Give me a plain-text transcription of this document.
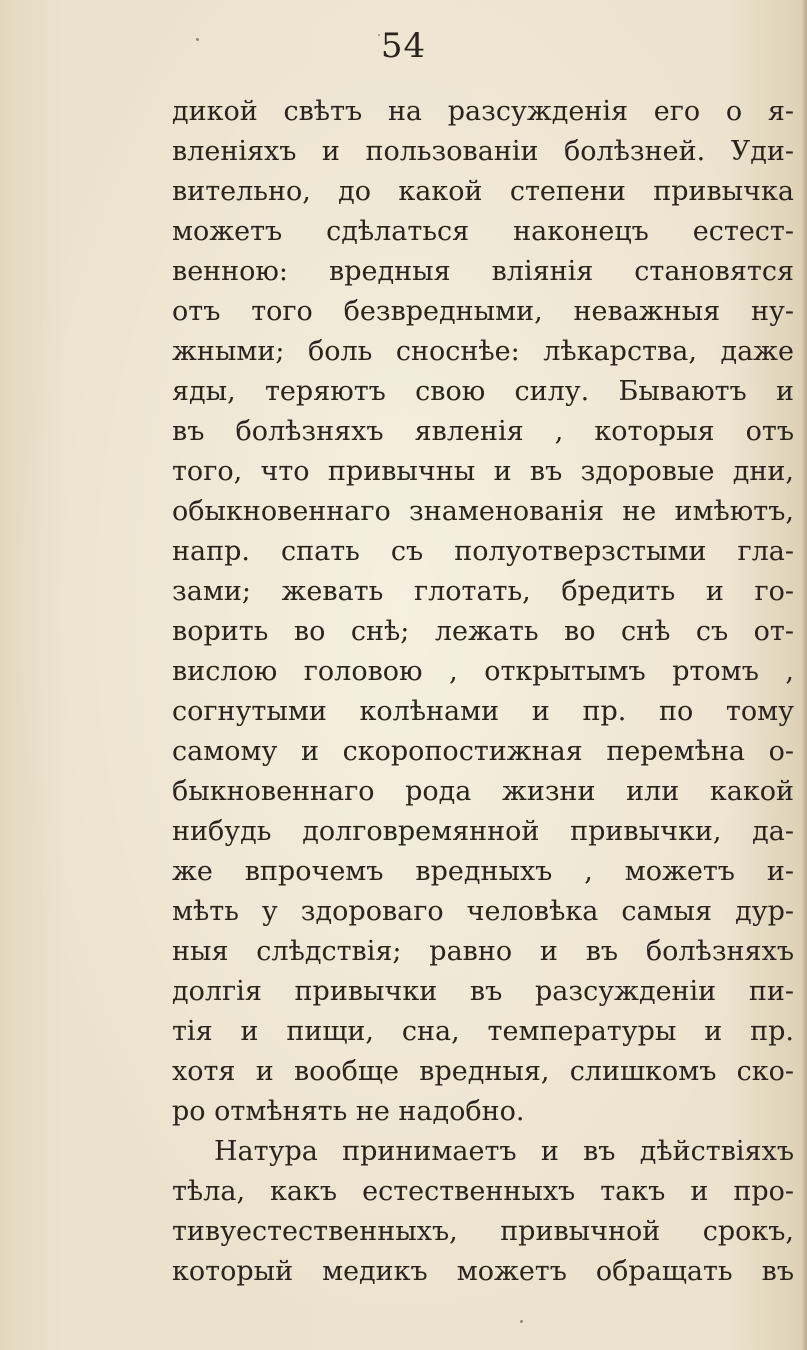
54
дикой свѣтъ на разсужденія его о я-
вленіяхъ и пользованіи болѣзней. Уди-
вительно, до какой степени привычка
можетъ сдѣлаться наконецъ естест-
венною: вредныя влiянія становятся
отъ того безвредными, неважныя ну-
жными; боль сноснѣе: лѣкарства, даже
яды, теряютъ свою силу. Бываютъ и
въ болѣзняхъ явленія , которыя отъ
того, что привычны и въ здоровые дни,
обыкновеннаго знаменованія не имѣютъ,
напр. спать съ полуотверзстыми гла-
зами; жевать глотать, бредить и го-
ворить во снѣ; лежать во снѣ съ от-
вислою головою , открытымъ ртомъ ,
согнутыми колѣнами и пр. по тому
самому и скоропостижная перемѣна о-
быкновеннаго рода жизни или какой
нибудь долговремянной привычки, да-
же впрочемъ вредныхъ , можетъ и-
мѣть у здороваго человѣка самыя дур-
ныя слѣдствія; равно и въ болѣзняхъ
долгія привычки въ разсужденіи пи-
тія и пищи, сна, температуры и пр.
хотя и вообще вредныя, слишкомъ ско-
ро отмѣнять не надобно.
Натура принимаетъ и въ дѣйствіяхъ
тѣла, какъ естественныхъ такъ и про-
тивуестественныхъ, привычной срокъ,
который медикъ можетъ обращать въ
